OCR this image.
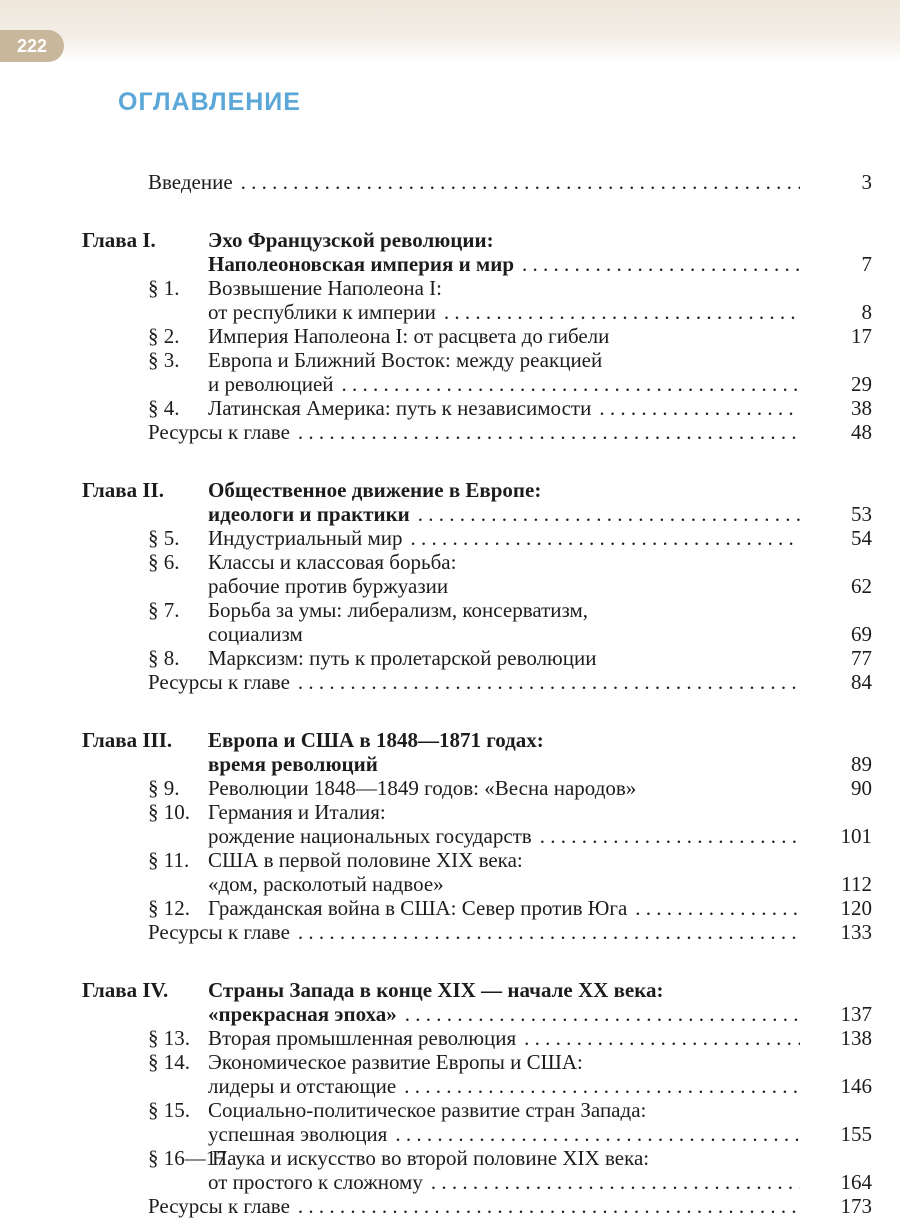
222
ОГЛАВЛЕНИЕ
Введение . . .	3
Глава I. Эхо Французской революции:
Наполеоновская империя и мир . . .	7
§ 1. Возвышение Наполеона I:
от республики к империи . . .	8
§ 2. Империя Наполеона I: от расцвета до гибели	17
§ 3. Европа и Ближний Восток: между реакцией
и революцией . . .	29
§ 4. Латинская Америка: путь к независимости . . .	38
Ресурсы к главе . . .	48
Глава II. Общественное движение в Европе:
идеологи и практики . . .	53
§ 5. Индустриальный мир . . .	54
§ 6. Классы и классовая борьба:
рабочие против буржуазии	62
§ 7. Борьба за умы: либерализм, консерватизм,
социализм	69
§ 8. Марксизм: путь к пролетарской революции	77
Ресурсы к главе . . .	84
Глава III. Европа и США в 1848—1871 годах:
время революций	89
§ 9. Революции 1848—1849 годов: «Весна народов»	90
§ 10. Германия и Италия:
рождение национальных государств . . .	101
§ 11. США в первой половине XIX века:
«дом, расколотый надвое»	112
§ 12. Гражданская война в США: Север против Юга . . .	120
Ресурсы к главе . . .	133
Глава IV. Страны Запада в конце XIX — начале XX века:
«прекрасная эпоха» . . .	137
§ 13. Вторая промышленная революция . . .	138
§ 14. Экономическое развитие Европы и США:
лидеры и отстающие . . .	146
§ 15. Социально-политическое развитие стран Запада:
успешная эволюция . . .	155
§ 16—17.
Наука и искусство во второй половине XIX века:
от простого к сложному . . .	164
Ресурсы к главе . . .	173
